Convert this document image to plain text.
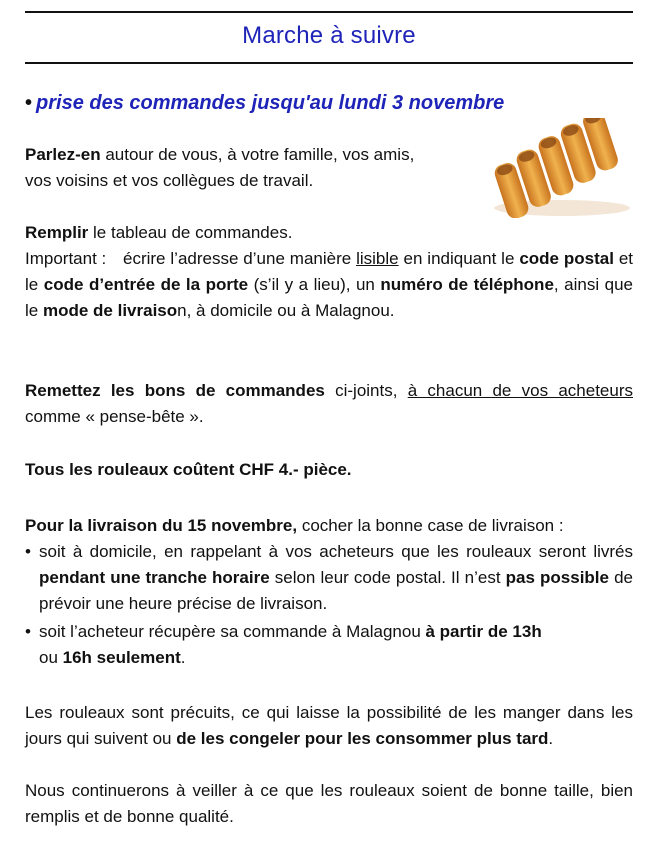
Marche à suivre
• prise des commandes jusqu'au lundi 3 novembre
Parlez-en autour de vous, à votre famille, vos amis,
vos voisins et vos collègues de travail.
Remplir le tableau de commandes.
Important : écrire l’adresse d’une manière lisible en indiquant le code postal et le code d’entrée de la porte (s’il y a lieu), un numéro de téléphone, ainsi que le mode de livraison, à domicile ou à Malagnou.
Remettez les bons de commandes ci-joints, à chacun de vos acheteurs comme « pense-bête ».
Tous les rouleaux coûtent CHF 4.- pièce.
Pour la livraison du 15 novembre, cocher la bonne case de livraison :
• soit à domicile, en rappelant à vos acheteurs que les rouleaux seront livrés pendant une tranche horaire selon leur code postal. Il n’est pas possible de prévoir une heure précise de livraison.
• soit l’acheteur récupère sa commande à Malagnou à partir de 13h
ou 16h seulement.
Les rouleaux sont précuits, ce qui laisse la possibilité de les manger dans les jours qui suivent ou de les congeler pour les consommer plus tard.
Nous continuerons à veiller à ce que les rouleaux soient de bonne taille, bien remplis et de bonne qualité.
